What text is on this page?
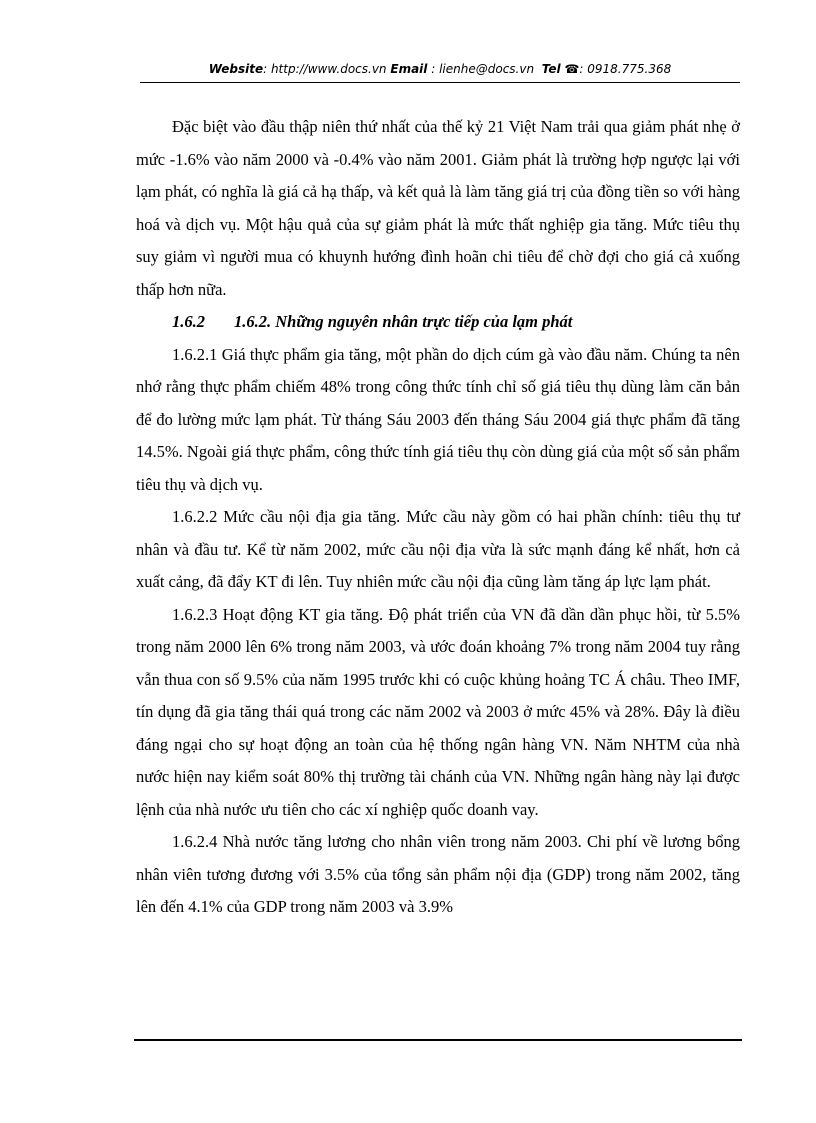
Website: http://www.docs.vn Email : lienhe@docs.vn Tel ☎: 0918.775.368

Đặc biệt vào đầu thập niên thứ nhất của thế kỷ 21 Việt Nam trải qua giảm phát nhẹ ở mức -1.6% vào năm 2000 và -0.4% vào năm 2001. Giảm phát là trường hợp ngược lại với lạm phát, có nghĩa là giá cả hạ thấp, và kết quả là làm tăng giá trị của đồng tiền so với hàng hoá và dịch vụ. Một hậu quả của sự giảm phát là mức thất nghiệp gia tăng. Mức tiêu thụ suy giảm vì người mua có khuynh hướng đình hoãn chi tiêu để chờ đợi cho giá cả xuống thấp hơn nữa.

1.6.2 1.6.2. Những nguyên nhân trực tiếp của lạm phát

1.6.2.1 Giá thực phẩm gia tăng, một phần do dịch cúm gà vào đầu năm. Chúng ta nên nhớ rằng thực phẩm chiếm 48% trong công thức tính chỉ số giá tiêu thụ dùng làm căn bản để đo lường mức lạm phát. Từ tháng Sáu 2003 đến tháng Sáu 2004 giá thực phẩm đã tăng 14.5%. Ngoài giá thực phẩm, công thức tính giá tiêu thụ còn dùng giá của một số sản phẩm tiêu thụ và dịch vụ.

1.6.2.2 Mức cầu nội địa gia tăng. Mức cầu này gồm có hai phần chính: tiêu thụ tư nhân và đầu tư. Kể từ năm 2002, mức cầu nội địa vừa là sức mạnh đáng kể nhất, hơn cả xuất cảng, đã đẩy KT đi lên. Tuy nhiên mức cầu nội địa cũng làm tăng áp lực lạm phát.

1.6.2.3 Hoạt động KT gia tăng. Độ phát triển của VN đã dần dần phục hồi, từ 5.5% trong năm 2000 lên 6% trong năm 2003, và ước đoán khoảng 7% trong năm 2004 tuy rằng vẫn thua con số 9.5% của năm 1995 trước khi có cuộc khủng hoảng TC Á châu. Theo IMF, tín dụng đã gia tăng thái quá trong các năm 2002 và 2003 ở mức 45% và 28%. Đây là điều đáng ngại cho sự hoạt động an toàn của hệ thống ngân hàng VN. Năm NHTM của nhà nước hiện nay kiểm soát 80% thị trường tài chánh của VN. Những ngân hàng này lại được lệnh của nhà nước ưu tiên cho các xí nghiệp quốc doanh vay.

1.6.2.4 Nhà nước tăng lương cho nhân viên trong năm 2003. Chi phí về lương bổng nhân viên tương đương với 3.5% của tổng sản phẩm nội địa (GDP) trong năm 2002, tăng lên đến 4.1% của GDP trong năm 2003 và 3.9%
